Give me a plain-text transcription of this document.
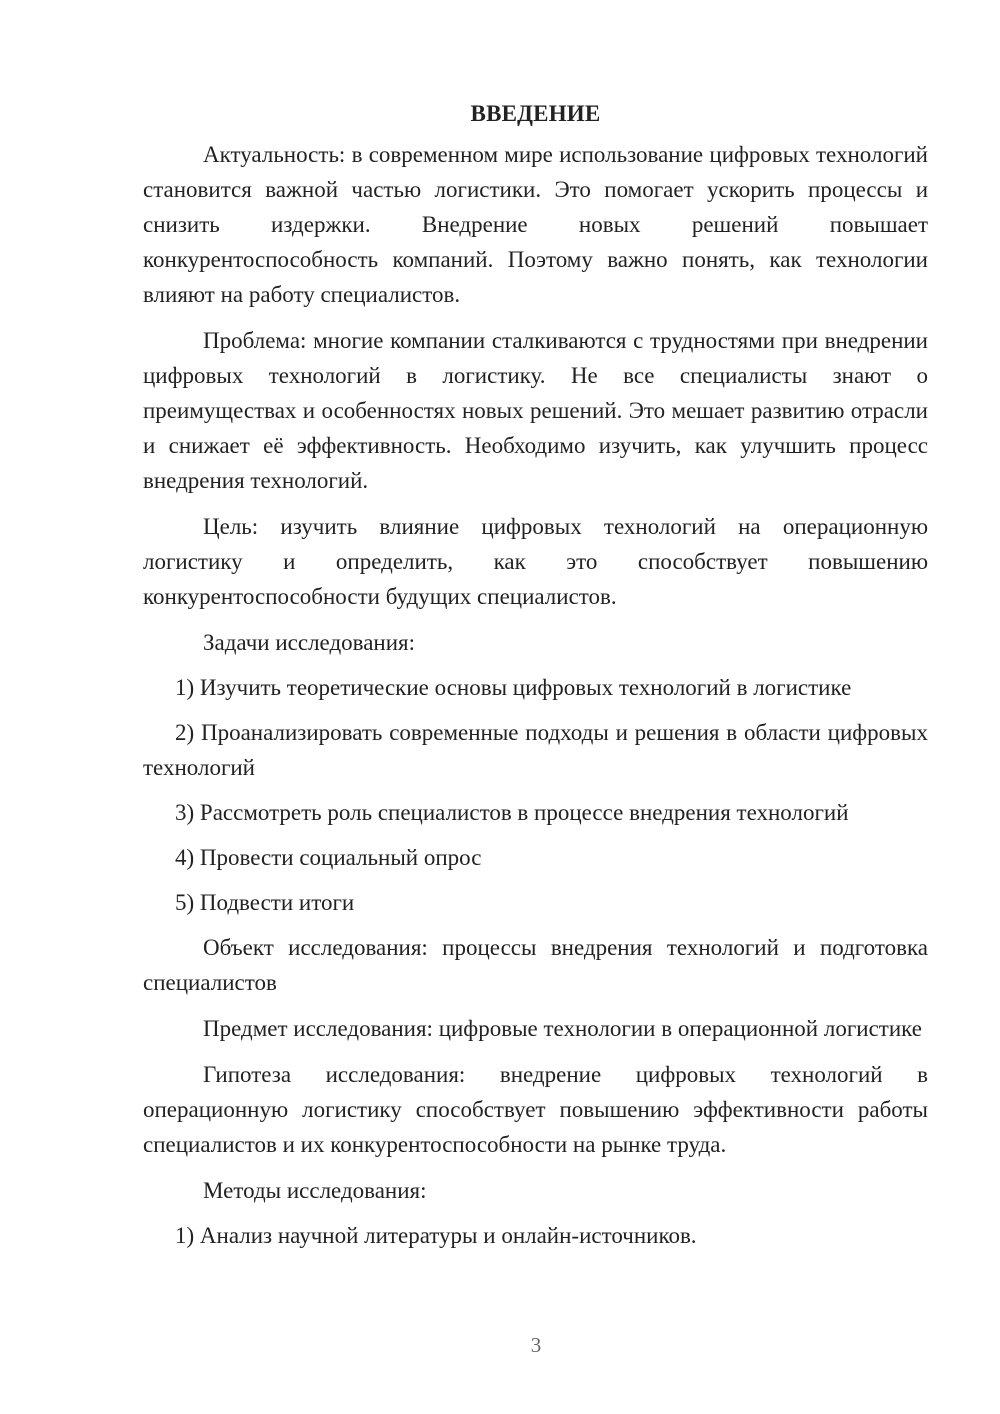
ВВЕДЕНИЕ

Актуальность: в современном мире использование цифровых технологий становится важной частью логистики. Это помогает ускорить процессы и снизить издержки. Внедрение новых решений повышает конкурентоспособность компаний. Поэтому важно понять, как технологии влияют на работу специалистов.

Проблема: многие компании сталкиваются с трудностями при внедрении цифровых технологий в логистику. Не все специалисты знают о преимуществах и особенностях новых решений. Это мешает развитию отрасли и снижает её эффективность. Необходимо изучить, как улучшить процесс внедрения технологий.

Цель: изучить влияние цифровых технологий на операционную логистику и определить, как это способствует повышению конкурентоспособности будущих специалистов.

Задачи исследования:

1) Изучить теоретические основы цифровых технологий в логистике

2) Проанализировать современные подходы и решения в области цифровых технологий

3) Рассмотреть роль специалистов в процессе внедрения технологий

4) Провести социальный опрос

5) Подвести итоги

Объект исследования: процессы внедрения технологий и подготовка специалистов

Предмет исследования: цифровые технологии в операционной логистике

Гипотеза исследования: внедрение цифровых технологий в операционную логистику способствует повышению эффективности работы специалистов и их конкурентоспособности на рынке труда.

Методы исследования:

1) Анализ научной литературы и онлайн-источников.

3
